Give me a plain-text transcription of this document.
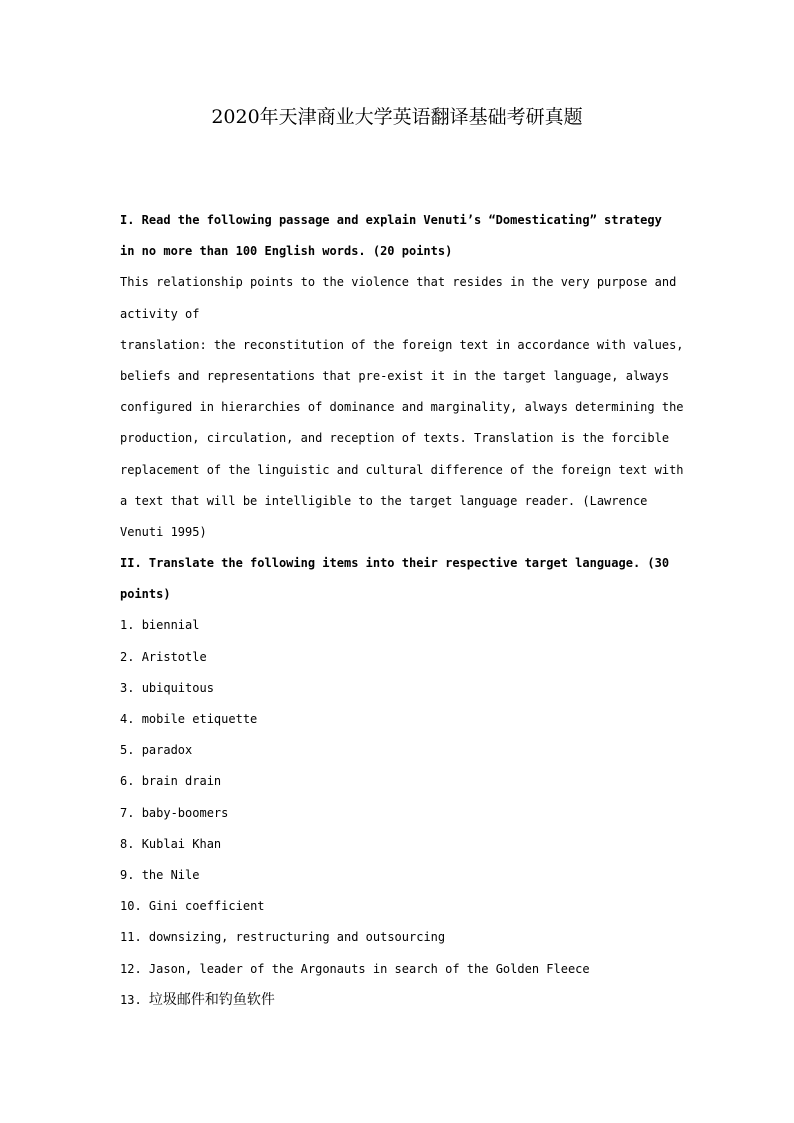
2020年天津商业大学英语翻译基础考研真题
I. Read the following passage and explain Venuti’s “Domesticating” strategy
in no more than 100 English words. (20 points)
This relationship points to the violence that resides in the very purpose and
activity of
translation: the reconstitution of the foreign text in accordance with values,
beliefs and representations that pre-exist it in the target language, always
configured in hierarchies of dominance and marginality, always determining the
production, circulation, and reception of texts. Translation is the forcible
replacement of the linguistic and cultural difference of the foreign text with
a text that will be intelligible to the target language reader. (Lawrence
Venuti 1995)
II. Translate the following items into their respective target language. (30
points)
1. biennial
2. Aristotle
3. ubiquitous
4. mobile etiquette
5. paradox
6. brain drain
7. baby-boomers
8. Kublai Khan
9. the Nile
10. Gini coefficient
11. downsizing, restructuring and outsourcing
12. Jason, leader of the Argonauts in search of the Golden Fleece
13. 垃圾邮件和钓鱼软件
